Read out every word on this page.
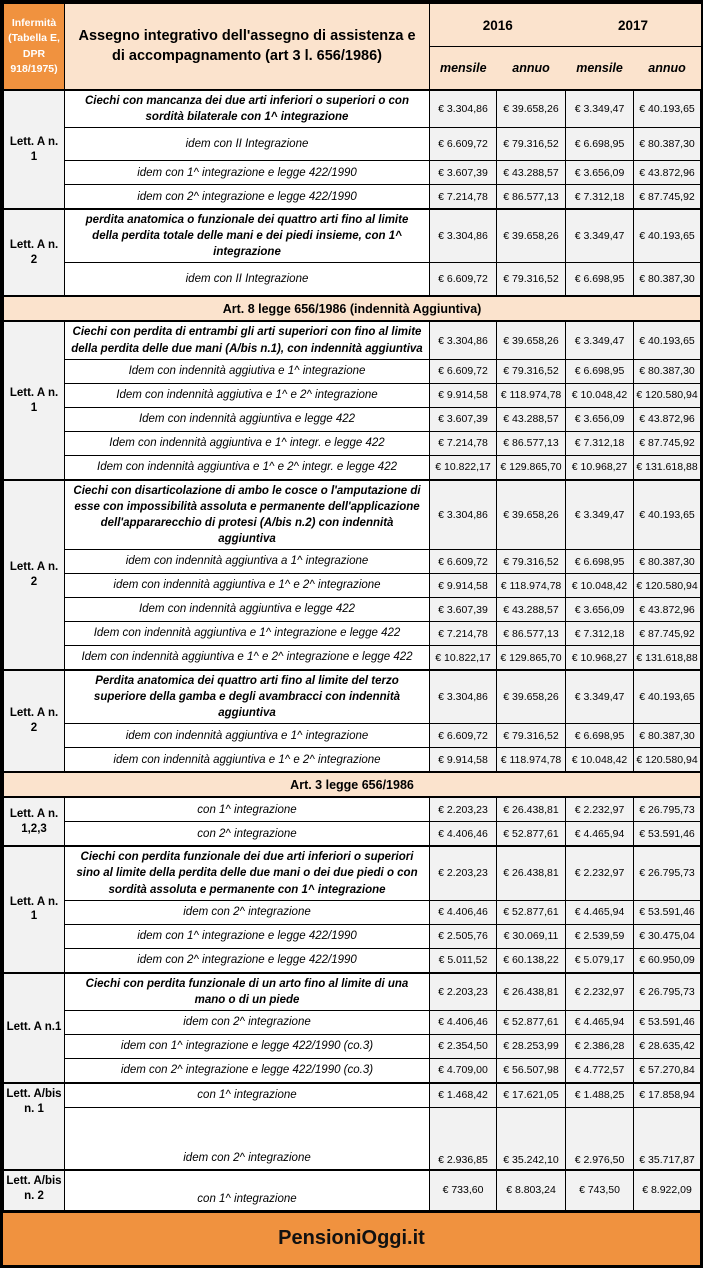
Infermità (Tabella E, DPR 918/1975)	Assegno integrativo dell'assegno di assistenza e di accompagnamento (art 3 l. 656/1986)	2016		2017	
		mensile	annuo	mensile	annuo
Lett. A n. 1	Ciechi con mancanza dei due arti inferiori o superiori o con sordità bilaterale con 1^ integrazione	€ 3.304,86	€ 39.658,26	€ 3.349,47	€ 40.193,65
	idem con II Integrazione	€ 6.609,72	€ 79.316,52	€ 6.698,95	€ 80.387,30
	idem con 1^ integrazione e legge 422/1990	€ 3.607,39	€ 43.288,57	€ 3.656,09	€ 43.872,96
	idem con 2^ integrazione e legge 422/1990	€ 7.214,78	€ 86.577,13	€ 7.312,18	€ 87.745,92
Lett. A n. 2	perdita anatomica o funzionale dei quattro arti fino al limite della perdita totale delle mani e dei piedi insieme, con 1^ integrazione	€ 3.304,86	€ 39.658,26	€ 3.349,47	€ 40.193,65
	idem con II Integrazione	€ 6.609,72	€ 79.316,52	€ 6.698,95	€ 80.387,30
Art. 8 legge 656/1986 (indennità Aggiuntiva)					
Lett. A n. 1	Ciechi con perdita di entrambi gli arti superiori con fino al limite della perdita delle due mani (A/bis n.1), con indennità aggiuntiva	€ 3.304,86	€ 39.658,26	€ 3.349,47	€ 40.193,65
	Idem con indennità aggiutiva e 1^ integrazione	€ 6.609,72	€ 79.316,52	€ 6.698,95	€ 80.387,30
	Idem con indennità aggiutiva e 1^ e 2^ integrazione	€ 9.914,58	€ 118.974,78	€ 10.048,42	€ 120.580,94
	Idem con indennità aggiuntiva e legge 422	€ 3.607,39	€ 43.288,57	€ 3.656,09	€ 43.872,96
	Idem con indennità aggiuntiva e 1^ integr. e legge 422	€ 7.214,78	€ 86.577,13	€ 7.312,18	€ 87.745,92
	Idem con indennità aggiuntiva e 1^ e 2^ integr. e legge 422	€ 10.822,17	€ 129.865,70	€ 10.968,27	€ 131.618,88
Lett. A n. 2	Ciechi con disarticolazione di ambo le cosce o l'amputazione di esse con impossibilità assoluta e permanente dell'applicazione dell'appararecchio di protesi (A/bis n.2) con indennità aggiuntiva	€ 3.304,86	€ 39.658,26	€ 3.349,47	€ 40.193,65
	idem con indennità aggiuntiva a 1^ integrazione	€ 6.609,72	€ 79.316,52	€ 6.698,95	€ 80.387,30
	idem con indennità aggiuntiva e 1^ e 2^ integrazione	€ 9.914,58	€ 118.974,78	€ 10.048,42	€ 120.580,94
	Idem con indennità aggiuntiva e legge 422	€ 3.607,39	€ 43.288,57	€ 3.656,09	€ 43.872,96
	Idem con indennità aggiuntiva e 1^ integrazione e legge 422	€ 7.214,78	€ 86.577,13	€ 7.312,18	€ 87.745,92
	Idem con indennità aggiuntiva e 1^ e 2^ integrazione e legge 422	€ 10.822,17	€ 129.865,70	€ 10.968,27	€ 131.618,88
Lett. A n. 2	Perdita anatomica dei quattro arti fino al limite del terzo superiore della gamba e degli avambracci con indennità aggiuntiva	€ 3.304,86	€ 39.658,26	€ 3.349,47	€ 40.193,65
	idem con indennità aggiuntiva e 1^ integrazione	€ 6.609,72	€ 79.316,52	€ 6.698,95	€ 80.387,30
	idem con indennità aggiuntiva e 1^ e 2^ integrazione	€ 9.914,58	€ 118.974,78	€ 10.048,42	€ 120.580,94
Art. 3 legge 656/1986					
Lett. A n. 1,2,3	con 1^ integrazione	€ 2.203,23	€ 26.438,81	€ 2.232,97	€ 26.795,73
	con 2^ integrazione	€ 4.406,46	€ 52.877,61	€ 4.465,94	€ 53.591,46
Lett. A n. 1	Ciechi con perdita funzionale dei due arti inferiori o superiori sino al limite della perdita delle due mani o dei due piedi o con sordità assoluta e permanente con 1^ integrazione	€ 2.203,23	€ 26.438,81	€ 2.232,97	€ 26.795,73
	idem con 2^ integrazione	€ 4.406,46	€ 52.877,61	€ 4.465,94	€ 53.591,46
	idem con 1^ integrazione e legge 422/1990	€ 2.505,76	€ 30.069,11	€ 2.539,59	€ 30.475,04
	idem con 2^ integrazione e legge 422/1990	€ 5.011,52	€ 60.138,22	€ 5.079,17	€ 60.950,09
Lett. A n.1	Ciechi con perdita funzionale di un arto fino al limite di una mano o di un piede	€ 2.203,23	€ 26.438,81	€ 2.232,97	€ 26.795,73
	idem con 2^ integrazione	€ 4.406,46	€ 52.877,61	€ 4.465,94	€ 53.591,46
	idem con 1^ integrazione e legge 422/1990 (co.3)	€ 2.354,50	€ 28.253,99	€ 2.386,28	€ 28.635,42
	idem con 2^ integrazione e legge 422/1990 (co.3)	€ 4.709,00	€ 56.507,98	€ 4.772,57	€ 57.270,84
Lett. A/bis n. 1	con 1^ integrazione	€ 1.468,42	€ 17.621,05	€ 1.488,25	€ 17.858,94
	idem con 2^ integrazione	€ 2.936,85	€ 35.242,10	€ 2.976,50	€ 35.717,87
Lett. A/bis n. 2	con 1^ integrazione	€ 733,60	€ 8.803,24	€ 743,50	€ 8.922,09
PensioniOggi.it
